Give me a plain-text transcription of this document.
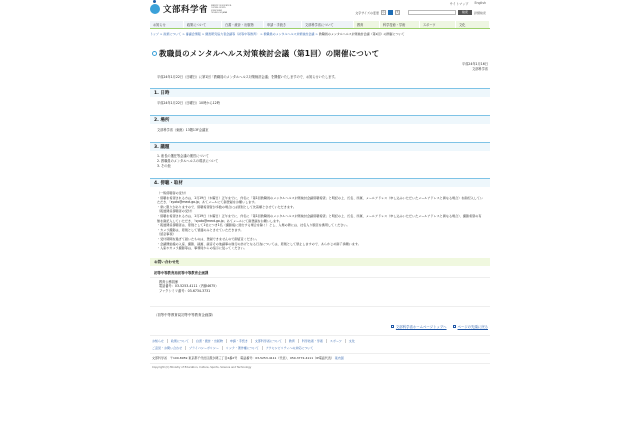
文部科学省 MINISTRY OF EDUCATION, CULTURE, SPORTS, SCIENCE AND TECHNOLOGY-JAPAN
サイトマップ English
文字サイズの変更	小	大	検索	詳細検索
お知らせ	政策について	白書・統計・出版物	申請・手続き	文部科学省について	教育	科学技術・学術	スポーツ	文化
トップ > 政策について > 審議会情報 > 調査研究協力者会議等（初等中等教育） > 教職員のメンタルヘルス対策検討会議 > 教職員のメンタルヘルス対策検討会議（第1回）の開催について
教職員のメンタルヘルス対策検討会議（第1回）の開催について
平成24年1月16日
文部科学省

平成24年1月22日（日曜日）に第1回「教職員のメンタルヘルス対策検討会議」を開催いたしますので、お知らせいたします。

1. 日時

平成24年1月22日（日曜日）10時から12時

2. 場所

文部科学省（東館）13階13F会議室

3. 議題
1. 座長の選任等会議の運営について
2. 教職員のメンタルヘルスの現状について
3. その他
4. 傍聴・取材
（一般傍聴者の受付）
・傍聴を希望される方は、1月19日（木曜日）正午までに、件名に「第1回教職員のメンタルヘルス対策検討会議傍聴希望」と明記の上、氏名、所属、メールアドレス（申し込みいただいたメールアドレスと異なる場合）を御記入していただき、「syoto@mext.go.jp」あてメールにて御登録をお願いします。
・席に限りがありますので、傍聴希望者が多数の場合には原則として先着順とさせていただきます。
（報道関係傍聴者の受付）
・傍聴を希望される方は、1月19日（木曜日）正午までに、件名に「第1回教職員のメンタルヘルス対策検討会議傍聴希望」と明記の上、氏名、所属、メールアドレス（申し込みいただいたメールアドレスと異なる場合）、撮影希望の有無を御記入していただき、「syoto@mext.go.jp」あてメールにて御登録をお願いします。
・報道関係傍聴者は、原則として1社につき1名（撮影後に退出する場合を除く）とし、入場の際には、社名入り腕章を携帯してください。
・カメラ撮影は、原則として冒頭のみとさせていただきます。
（留意事項）
・受付期間を過ぎて届いたものは、登録できませんので御留意ください。
・会議開始後の入室、撮影、録画、録音その他議事の進行の妨げとなる行為については、原則として禁止しますので、あらかじめ御了承願います。
・入室やカメラ撮影等は、事務局からの指示に従ってください。
お問い合わせ先
初等中等教育局初等中等教育企画課
教育公務員係
電話番号：03-5253-4111（内線4675）
ファクシミリ番号：03-6734-3731
（初等中等教育局初等中等教育企画課）
文部科学省ホームページトップへ	ページの先頭に戻る
お知らせ	政策について	白書・統計・出版物	申請・手続き	文部科学省について	教育	科学技術・学術	スポーツ	文化
ご意見・お問い合わせ	プライバシーポリシー	リンク・著作権について	アクセシビリティへの対応について
文部科学省　〒100-8959 東京都千代田区霞が関三丁目2番2号　電話番号：03-5253-4111（代表）、050-3772-4111（IP電話代表） 案内図
Copyright (C) Ministry of Education, Culture, Sports, Science and Technology
